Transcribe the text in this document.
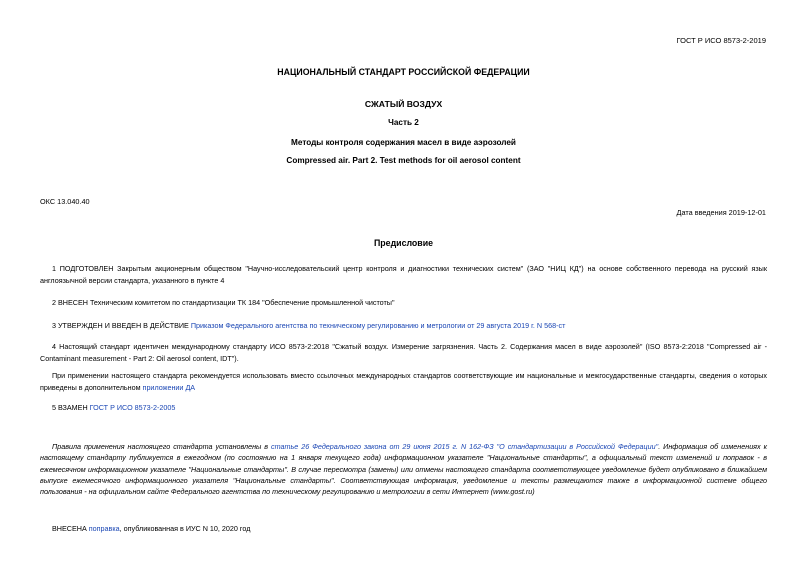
ГОСТ Р ИСО 8573-2-2019
НАЦИОНАЛЬНЫЙ СТАНДАРТ РОССИЙСКОЙ ФЕДЕРАЦИИ
СЖАТЫЙ ВОЗДУХ
Часть 2
Методы контроля содержания масел в виде аэрозолей
Compressed air. Part 2. Test methods for oil aerosol content
ОКС 13.040.40
Дата введения 2019-12-01
Предисловие
1 ПОДГОТОВЛЕН Закрытым акционерным обществом "Научно-исследовательский центр контроля и диагностики технических систем" (ЗАО "НИЦ КД") на основе собственного перевода на русский язык англоязычной версии стандарта, указанного в пункте 4
2 ВНЕСЕН Техническим комитетом по стандартизации ТК 184 "Обеспечение промышленной чистоты"
3 УТВЕРЖДЕН И ВВЕДЕН В ДЕЙСТВИЕ Приказом Федерального агентства по техническому регулированию и метрологии от 29 августа 2019 г. N 568-ст
4 Настоящий стандарт идентичен международному стандарту ИСО 8573-2:2018 "Сжатый воздух. Измерение загрязнения. Часть 2. Содержания масел в виде аэрозолей" (ISO 8573-2:2018 "Compressed air - Contaminant measurement - Part 2: Oil aerosol content, IDT").
При применении настоящего стандарта рекомендуется использовать вместо ссылочных международных стандартов соответствующие им национальные и межгосударственные стандарты, сведения о которых приведены в дополнительном приложении ДА
5 ВЗАМЕН ГОСТ Р ИСО 8573-2-2005
Правила применения настоящего стандарта установлены в статье 26 Федерального закона от 29 июня 2015 г. N 162-ФЗ "О стандартизации в Российской Федерации". Информация об изменениях к настоящему стандарту публикуется в ежегодном (по состоянию на 1 января текущего года) информационном указателе "Национальные стандарты", а официальный текст изменений и поправок - в ежемесячном информационном указателе "Национальные стандарты". В случае пересмотра (замены) или отмены настоящего стандарта соответствующее уведомление будет опубликовано в ближайшем выпуске ежемесячного информационного указателя "Национальные стандарты". Соответствующая информация, уведомление и тексты размещаются также в информационной системе общего пользования - на официальном сайте Федерального агентства по техническому регулированию и метрологии в сети Интернет (www.gost.ru)
ВНЕСЕНА поправка, опубликованная в ИУС N 10, 2020 год
